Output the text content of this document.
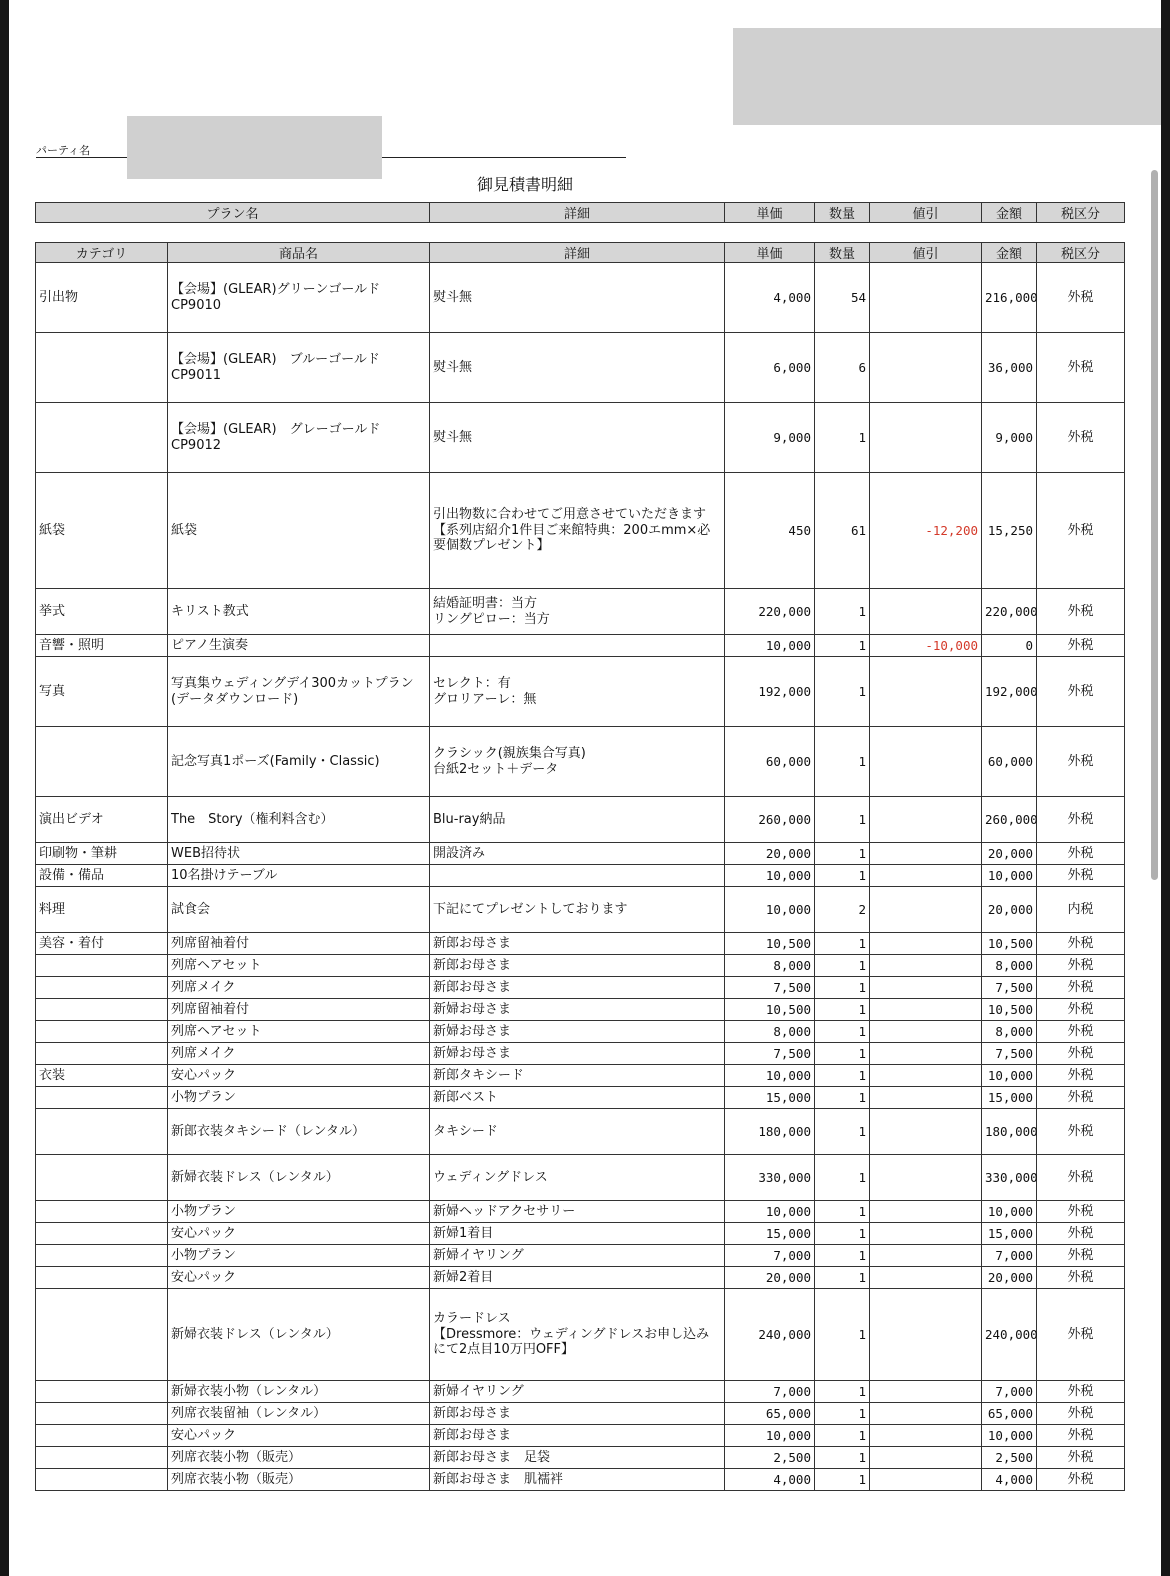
パーティ名
御見積書明細
プラン名	詳細	単価	数量	値引	金額	税区分
カテゴリ	商品名	詳細	単価	数量	値引	金額	税区分
引出物	【会場】(GLEAR)グリーンゴールド　CP9010	熨斗無	4,000	54		216,000	外税
	【会場】(GLEAR)　ブルーゴールド　CP9011	熨斗無	6,000	6		36,000	外税
	【会場】(GLEAR)　グレーゴールド　CP9012	熨斗無	9,000	1		9,000	外税
紙袋	紙袋	引出物数に合わせてご用意させていただきます
【系列店紹介1件目ご来館特典：200エmm×必要個数プレゼント】	450	61	-12,200	15,250	外税
挙式	キリスト教式	結婚証明書：当方
リングピロー：当方	220,000	1		220,000	外税
音響・照明	ピアノ生演奏		10,000	1	-10,000	0	外税
写真	写真集ウェディングデイ300カットプラン(データダウンロード)	セレクト：有
グロリアーレ：無	192,000	1		192,000	外税
	記念写真1ポーズ(Family・Classic)	クラシック(親族集合写真)
台紙2セット＋データ	60,000	1		60,000	外税
演出ビデオ	The　Story（権利料含む）	Blu-ray納品	260,000	1		260,000	外税
印刷物・筆耕	WEB招待状	開設済み	20,000	1		20,000	外税
設備・備品	10名掛けテーブル		10,000	1		10,000	外税
料理	試食会	下記にてプレゼントしております	10,000	2		20,000	内税
美容・着付	列席留袖着付	新郎お母さま	10,500	1		10,500	外税
	列席ヘアセット	新郎お母さま	8,000	1		8,000	外税
	列席メイク	新郎お母さま	7,500	1		7,500	外税
	列席留袖着付	新婦お母さま	10,500	1		10,500	外税
	列席ヘアセット	新婦お母さま	8,000	1		8,000	外税
	列席メイク	新婦お母さま	7,500	1		7,500	外税
衣装	安心パック	新郎タキシード	10,000	1		10,000	外税
	小物プラン	新郎ベスト	15,000	1		15,000	外税
	新郎衣装タキシード（レンタル）	タキシード	180,000	1		180,000	外税
	新婦衣装ドレス（レンタル）	ウェディングドレス	330,000	1		330,000	外税
	小物プラン	新婦ヘッドアクセサリー	10,000	1		10,000	外税
	安心パック	新婦1着目	15,000	1		15,000	外税
	小物プラン	新婦イヤリング	7,000	1		7,000	外税
	安心パック	新婦2着目	20,000	1		20,000	外税
	新婦衣装ドレス（レンタル）	カラードレス
【Dressmore：ウェディングドレスお申し込みにて2点目10万円OFF】	240,000	1		240,000	外税
	新婦衣装小物（レンタル）	新婦イヤリング	7,000	1		7,000	外税
	列席衣装留袖（レンタル）	新郎お母さま	65,000	1		65,000	外税
	安心パック	新郎お母さま	10,000	1		10,000	外税
	列席衣装小物（販売）	新郎お母さま　足袋	2,500	1		2,500	外税
	列席衣装小物（販売）	新郎お母さま　肌襦袢	4,000	1		4,000	外税
